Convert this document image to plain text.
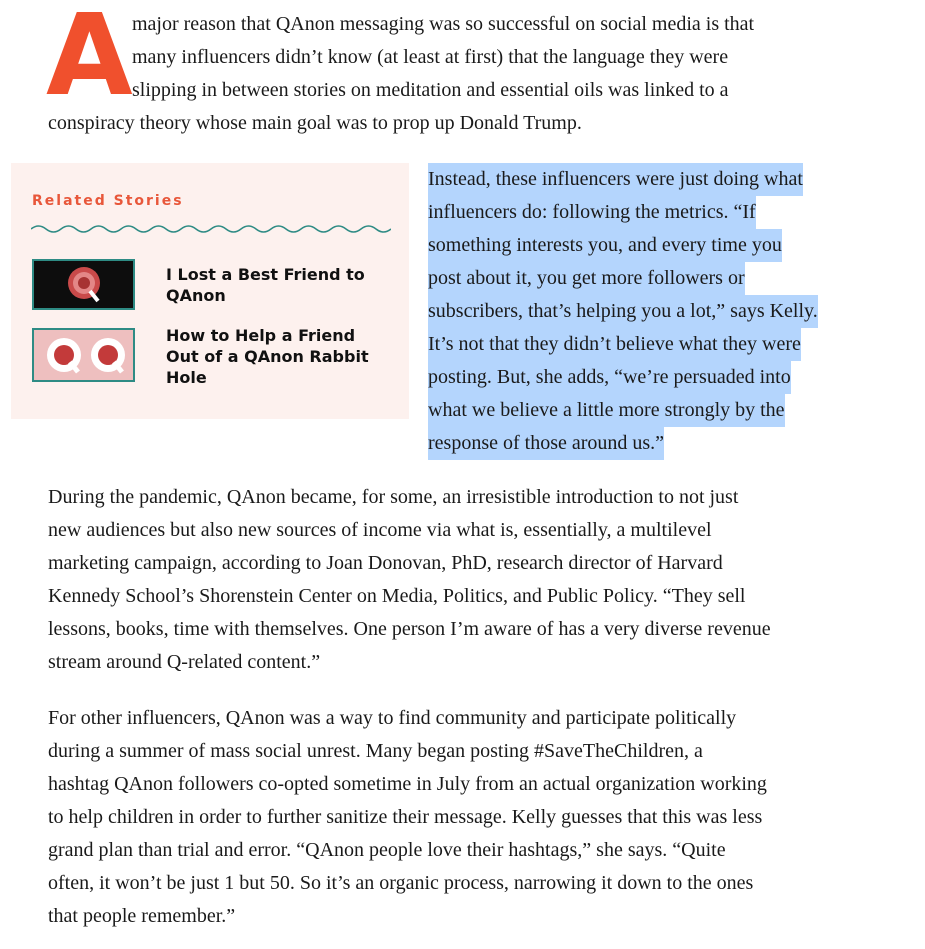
A major reason that QAnon messaging was so successful on social media is that
many influencers didn’t know (at least at first) that the language they were
slipping in between stories on meditation and essential oils was linked to a
conspiracy theory whose main goal was to prop up Donald Trump.
Related Stories
I Lost a Best Friend to
QAnon
How to Help a Friend
Out of a QAnon Rabbit
Hole
Instead, these influencers were just doing what
influencers do: following the metrics. “If
something interests you, and every time you
post about it, you get more followers or
subscribers, that’s helping you a lot,” says Kelly.
It’s not that they didn’t believe what they were
posting. But, she adds, “we’re persuaded into
what we believe a little more strongly by the
response of those around us.”
During the pandemic, QAnon became, for some, an irresistible introduction to not just
new audiences but also new sources of income via what is, essentially, a multilevel
marketing campaign, according to Joan Donovan, PhD, research director of Harvard
Kennedy School’s Shorenstein Center on Media, Politics, and Public Policy. “They sell
lessons, books, time with themselves. One person I’m aware of has a very diverse revenue
stream around Q-related content.”
For other influencers, QAnon was a way to find community and participate politically
during a summer of mass social unrest. Many began posting #SaveTheChildren, a
hashtag QAnon followers co-opted sometime in July from an actual organization working
to help children in order to further sanitize their message. Kelly guesses that this was less
grand plan than trial and error. “QAnon people love their hashtags,” she says. “Quite
often, it won’t be just 1 but 50. So it’s an organic process, narrowing it down to the ones
that people remember.”
